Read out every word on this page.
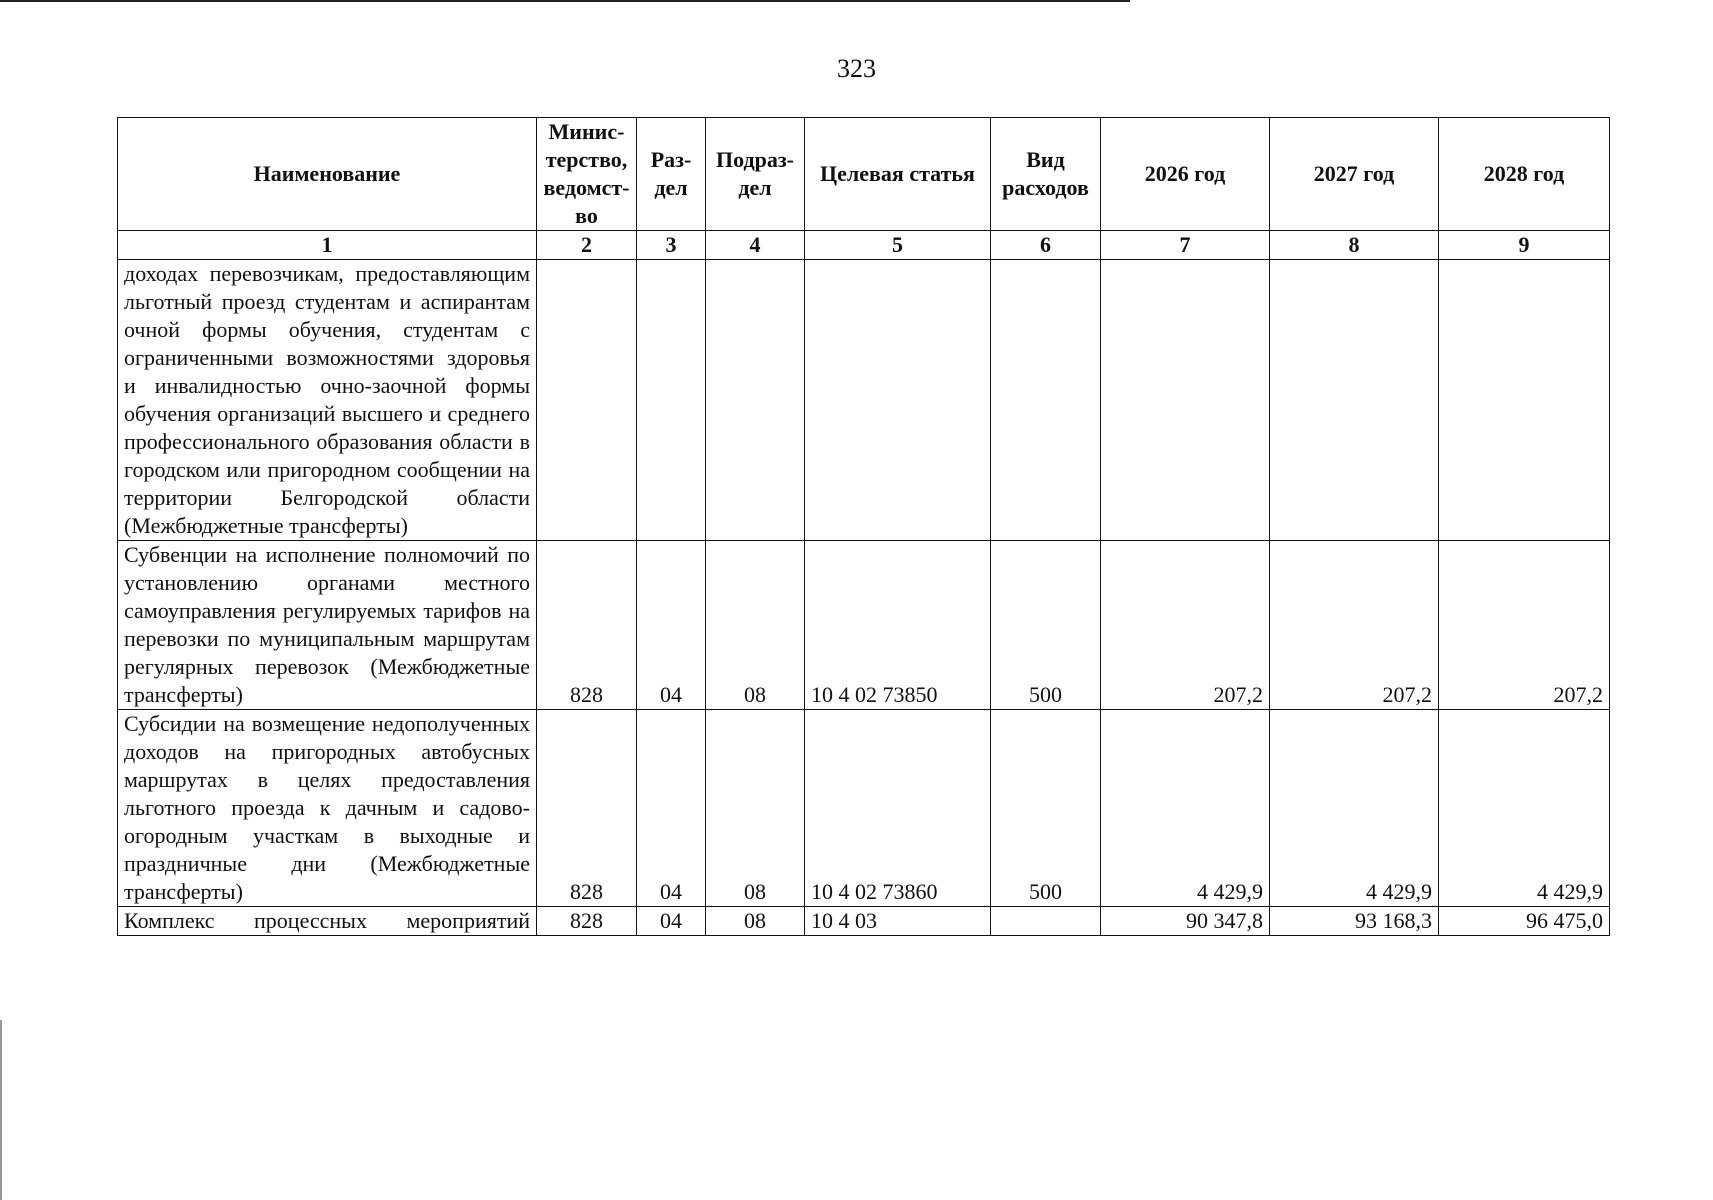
323
Наименование	Минис-терство, ведомст-во	Раз-дел	Подраз-дел	Целевая статья	Вид расходов	2026 год	2027 год	2028 год
1	2	3	4	5	6	7	8	9
доходах перевозчикам, предоставляющим льготный проезд студентам и аспирантам очной формы обучения, студентам с ограниченными возможностями здоровья и инвалидностью очно-заочной формы обучения организаций высшего и среднего профессионального образования области в городском или пригородном сообщении на территории Белгородской области (Межбюджетные трансферты)								
Субвенции на исполнение полномочий по установлению органами местного самоуправления регулируемых тарифов на перевозки по муниципальным маршрутам регулярных перевозок (Межбюджетные трансферты)	828	04	08	10 4 02 73850	500	207,2	207,2	207,2
Субсидии на возмещение недополученных доходов на пригородных автобусных маршрутах в целях предоставления льготного проезда к дачным и садово-огородным участкам в выходные и праздничные дни (Межбюджетные трансферты)	828	04	08	10 4 02 73860	500	4 429,9	4 429,9	4 429,9
Комплекс процессных мероприятий	828	04	08	10 4 03		90 347,8	93 168,3	96 475,0
